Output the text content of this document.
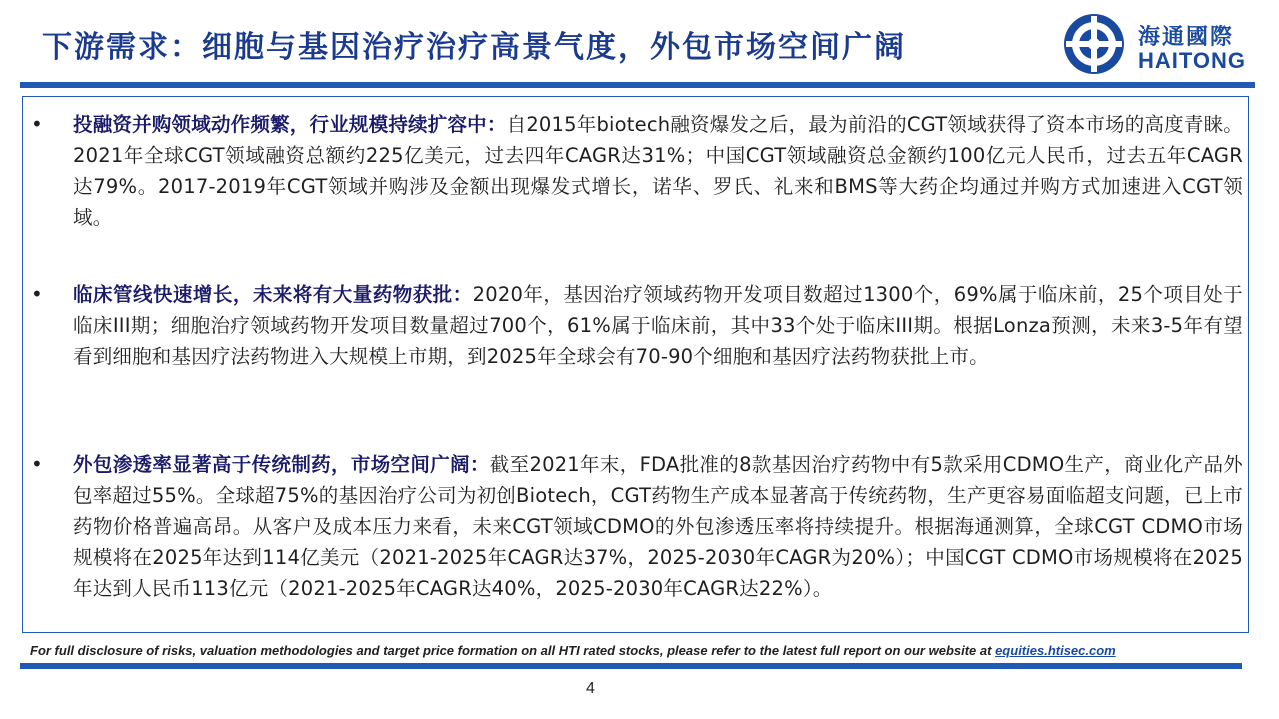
下游需求：细胞与基因治疗治疗高景气度，外包市场空间广阔	海通國際
HAITONG
• 投融资并购领域动作频繁，行业规模持续扩容中：自2015年biotech融资爆发之后，最为前沿的CGT领域获得了资本市场的高度青睐。2021年全球CGT领域融资总额约225亿美元，过去四年CAGR达31%；中国CGT领域融资总金额约100亿元人民币，过去五年CAGR达79%。2017-2019年CGT领域并购涉及金额出现爆发式增长，诺华、罗氏、礼来和BMS等大药企均通过并购方式加速进入CGT领域。
• 临床管线快速增长，未来将有大量药物获批：2020年，基因治疗领域药物开发项目数超过1300个，69%属于临床前，25个项目处于临床III期；细胞治疗领域药物开发项目数量超过700个，61%属于临床前，其中33个处于临床III期。根据Lonza预测，未来3-5年有望看到细胞和基因疗法药物进入大规模上市期，到2025年全球会有70-90个细胞和基因疗法药物获批上市。
• 外包渗透率显著高于传统制药，市场空间广阔：截至2021年末，FDA批准的8款基因治疗药物中有5款采用CDMO生产，商业化产品外包率超过55%。全球超75%的基因治疗公司为初创Biotech，CGT药物生产成本显著高于传统药物，生产更容易面临超支问题，已上市药物价格普遍高昂。从客户及成本压力来看，未来CGT领域CDMO的外包渗透压率将持续提升。根据海通测算，全球CGT CDMO市场规模将在2025年达到114亿美元（2021-2025年CAGR达37%，2025-2030年CAGR为20%）；中国CGT CDMO市场规模将在2025年达到人民币113亿元（2021-2025年CAGR达40%，2025-2030年CAGR达22%）。
For full disclosure of risks, valuation methodologies and target price formation on all HTI rated stocks, please refer to the latest full report on our website at equities.htisec.com
4
